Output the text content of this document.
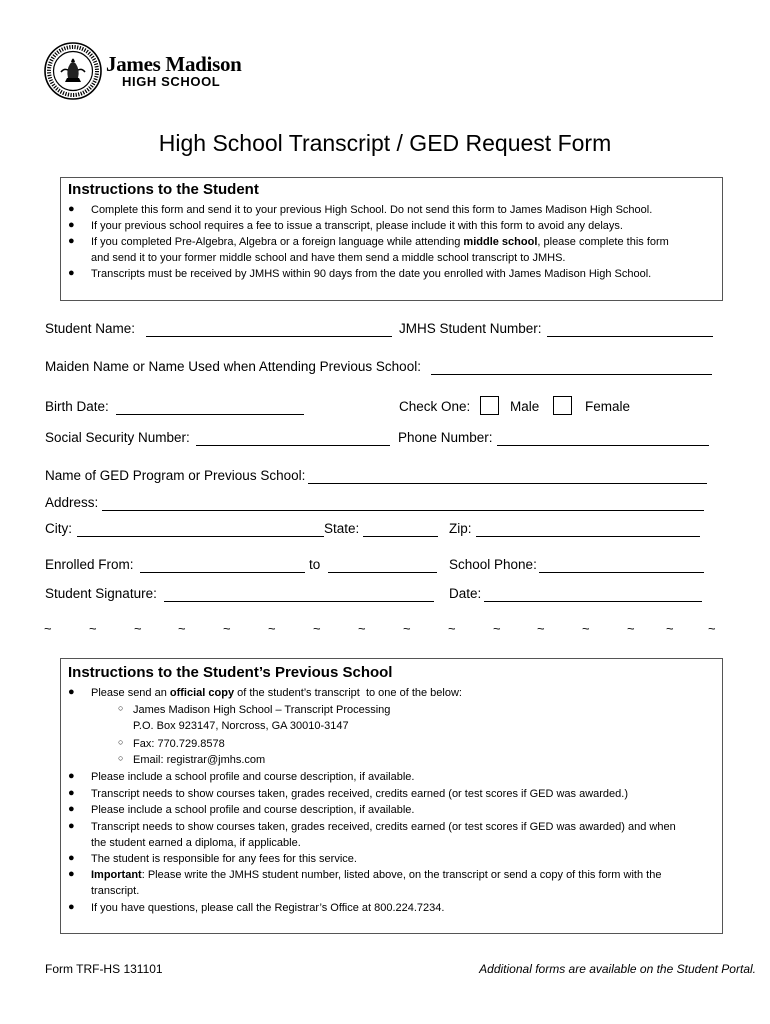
James Madison
HIGH SCHOOL
High School Transcript / GED Request Form
Instructions to the Student
● Complete this form and send it to your previous High School. Do not send this form to James Madison High School.
● If your previous school requires a fee to issue a transcript, please include it with this form to avoid any delays.
● If you completed Pre-Algebra, Algebra or a foreign language while attending middle school, please complete this form
and send it to your former middle school and have them send a middle school transcript to JMHS.
● Transcripts must be received by JMHS within 90 days from the date you enrolled with James Madison High School.
Student Name:	JMHS Student Number:
Maiden Name or Name Used when Attending Previous School:
Birth Date:	Check One:	Male	Female
Social Security Number:	Phone Number:
Name of GED Program or Previous School:
Address:
City:	State:	Zip:
Enrolled From:	to	School Phone:
Student Signature:	Date:
~	~	~	~	~	~	~	~	~	~	~	~	~	~ ~	~
Instructions to the Student’s Previous School
● Please send an official copy of the student’s transcript  to one of the below:
○ James Madison High School – Transcript Processing
P.O. Box 923147, Norcross, GA 30010-3147
○ Fax: 770.729.8578
○ Email: registrar@jmhs.com
● Please include a school profile and course description, if available.
● Transcript needs to show courses taken, grades received, credits earned (or test scores if GED was awarded.)
● Please include a school profile and course description, if available.
● Transcript needs to show courses taken, grades received, credits earned (or test scores if GED was awarded) and when
the student earned a diploma, if applicable.
● The student is responsible for any fees for this service.
● Important: Please write the JMHS student number, listed above, on the transcript or send a copy of this form with the
transcript.
● If you have questions, please call the Registrar’s Office at 800.224.7234.
Form TRF-HS 131101	Additional forms are available on the Student Portal.
